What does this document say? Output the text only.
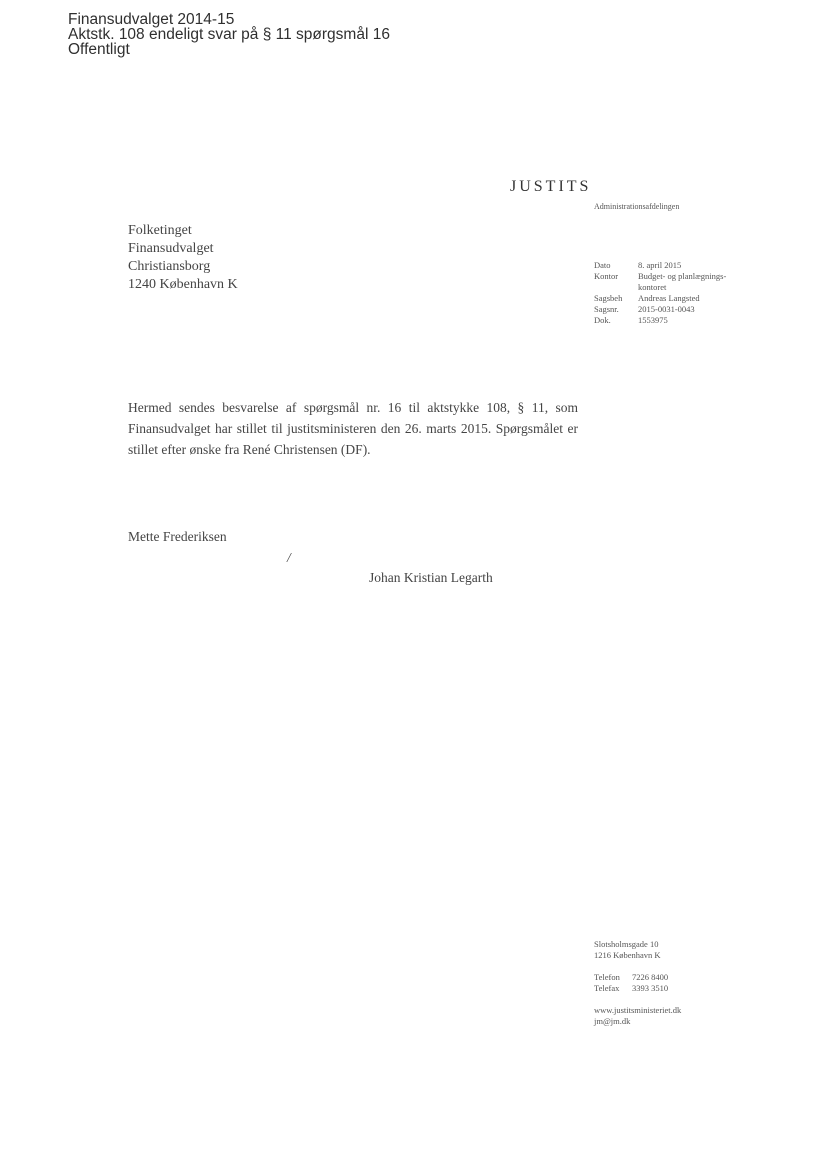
Finansudvalget 2014-15
Aktstk. 108 endeligt svar på § 11 spørgsmål 16
Offentligt
JUSTITS
Administrationsafdelingen
Folketinget
Finansudvalget
Christiansborg
1240 København K
Dato	8. april 2015
Kontor	Budget- og planlægnings-
kontoret
Sagsbeh	Andreas Langsted
Sagsnr.	2015-0031-0043
Dok.	1553975
Hermed sendes besvarelse af spørgsmål nr. 16 til aktstykke 108, § 11, som Finansudvalget har stillet til justitsministeren den 26. marts 2015. Spørgsmålet er stillet efter ønske fra René Christensen (DF).
Mette Frederiksen
/
Johan Kristian Legarth
Slotsholmsgade 10
1216 København K
Telefon	7226 8400
Telefax	3393 3510
www.justitsministeriet.dk
jm@jm.dk
